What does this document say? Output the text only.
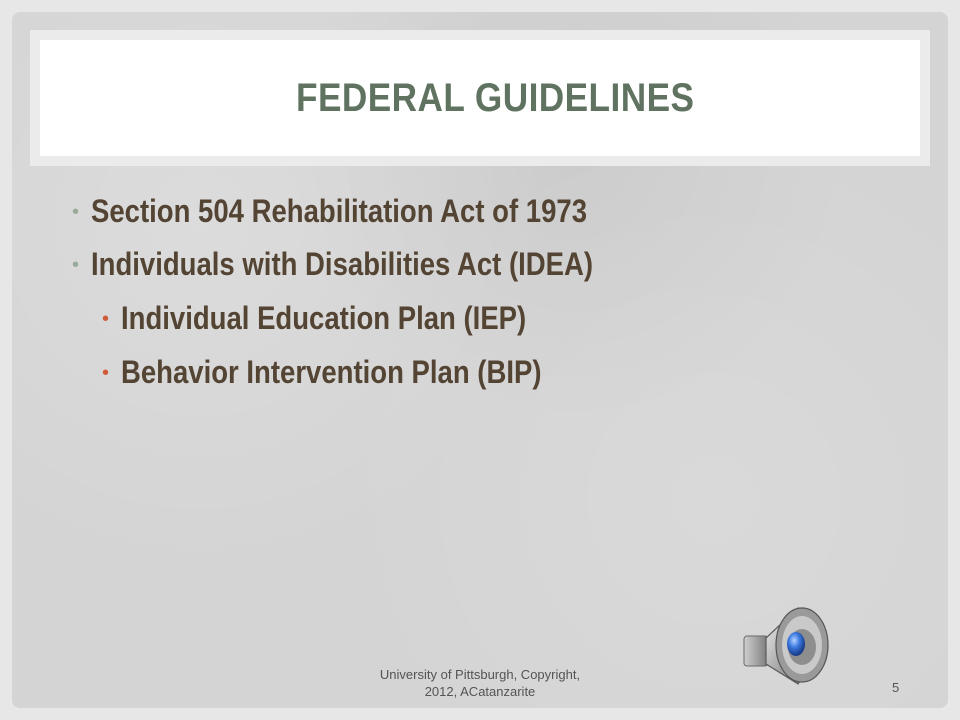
FEDERAL GUIDELINES
• Section 504 Rehabilitation Act of 1973
• Individuals with Disabilities Act (IDEA)
• Individual Education Plan (IEP)
• Behavior Intervention Plan (BIP)
University of Pittsburgh, Copyright,
2012, ACatanzarite	5
